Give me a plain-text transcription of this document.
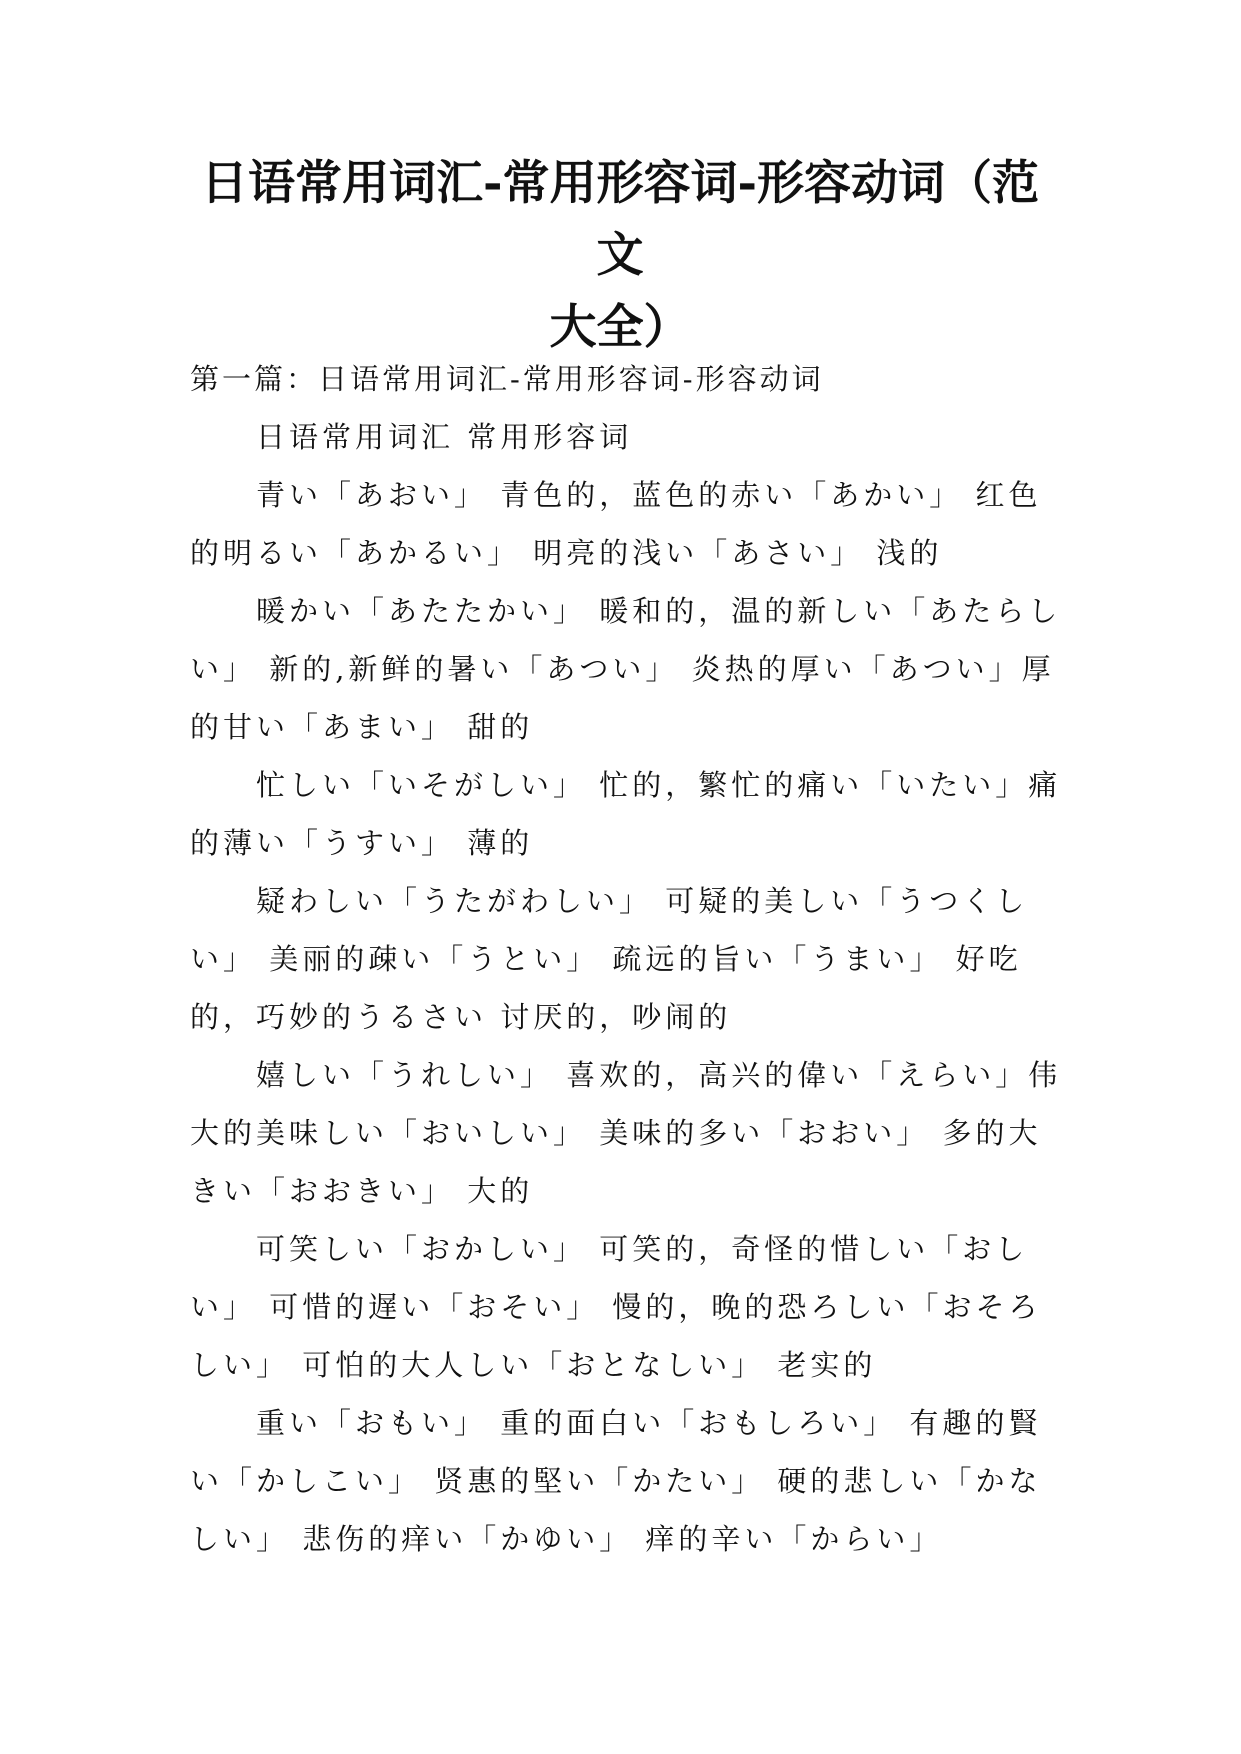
日语常用词汇-常用形容词-形容动词（范文
大全）

第一篇：日语常用词汇-常用形容词-形容动词

日语常用词汇 常用形容词

青い「あおい」 青色的，蓝色的赤い「あかい」 红色的明るい「あかるい」 明亮的浅い「あさい」 浅的

暖かい「あたたかい」 暖和的，温的新しい「あたらしい」 新的,新鲜的暑い「あつい」 炎热的厚い「あつい」厚的甘い「あまい」 甜的

忙しい「いそがしい」 忙的，繁忙的痛い「いたい」痛的薄い「うすい」 薄的

疑わしい「うたがわしい」 可疑的美しい「うつくしい」 美丽的疎い「うとい」 疏远的旨い「うまい」 好吃的，巧妙的うるさい 讨厌的，吵闹的

嬉しい「うれしい」 喜欢的，高兴的偉い「えらい」伟大的美味しい「おいしい」 美味的多い「おおい」 多的大きい「おおきい」 大的

可笑しい「おかしい」 可笑的，奇怪的惜しい「おしい」 可惜的遅い「おそい」 慢的，晚的恐ろしい「おそろしい」 可怕的大人しい「おとなしい」 老实的

重い「おもい」 重的面白い「おもしろい」 有趣的賢い「かしこい」 贤惠的堅い「かたい」 硬的悲しい「かなしい」 悲伤的痒い「かゆい」 痒的辛い「からい」
